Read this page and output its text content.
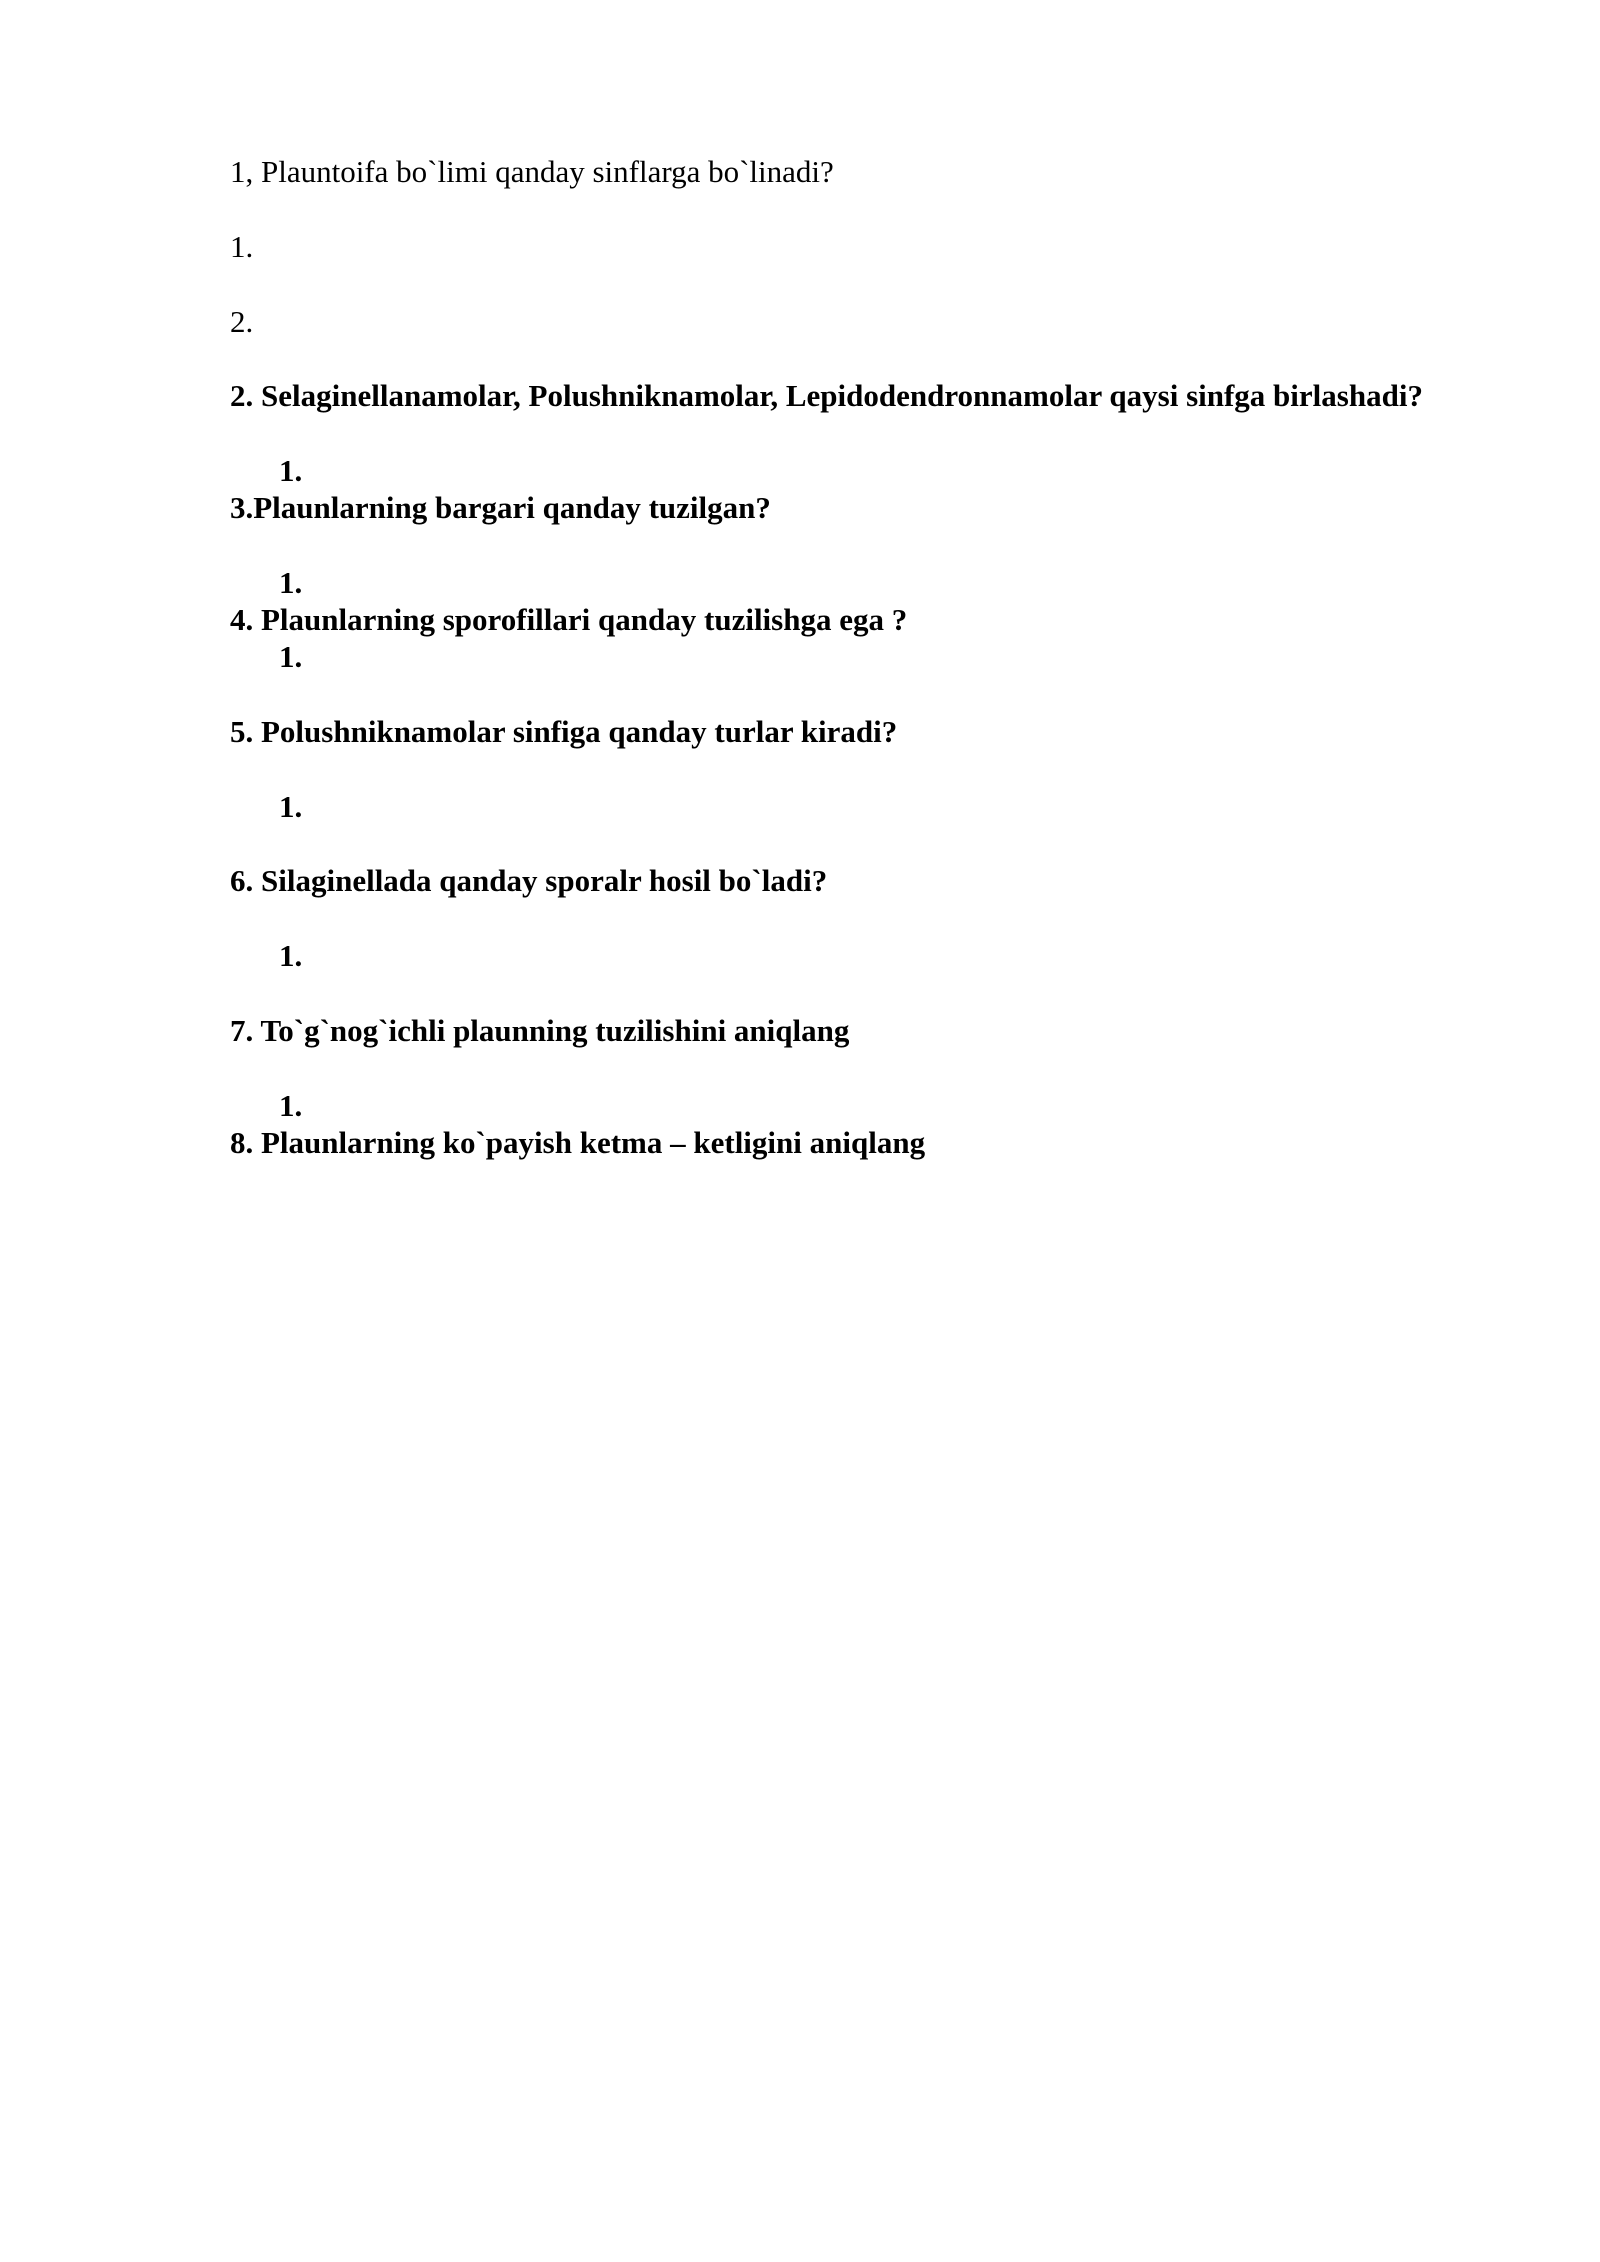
1, Plauntoifa bo`limi qanday sinflarga bo`linadi?
1.
2.
2. Selaginellanamolar, Polushniknamolar, Lepidodendronnamolar qaysi sinfga birlashadi?
1.
3.Plaunlarning bargari qanday tuzilgan?
1.
4. Plaunlarning sporofillari qanday tuzilishga ega ?
1.
5. Polushniknamolar sinfiga qanday turlar kiradi?
1.
6. Silaginellada qanday sporalr hosil bo`ladi?
1.
7. To`g`nog`ichli plaunning tuzilishini aniqlang
1.
8. Plaunlarning ko`payish ketma – ketligini aniqlang
